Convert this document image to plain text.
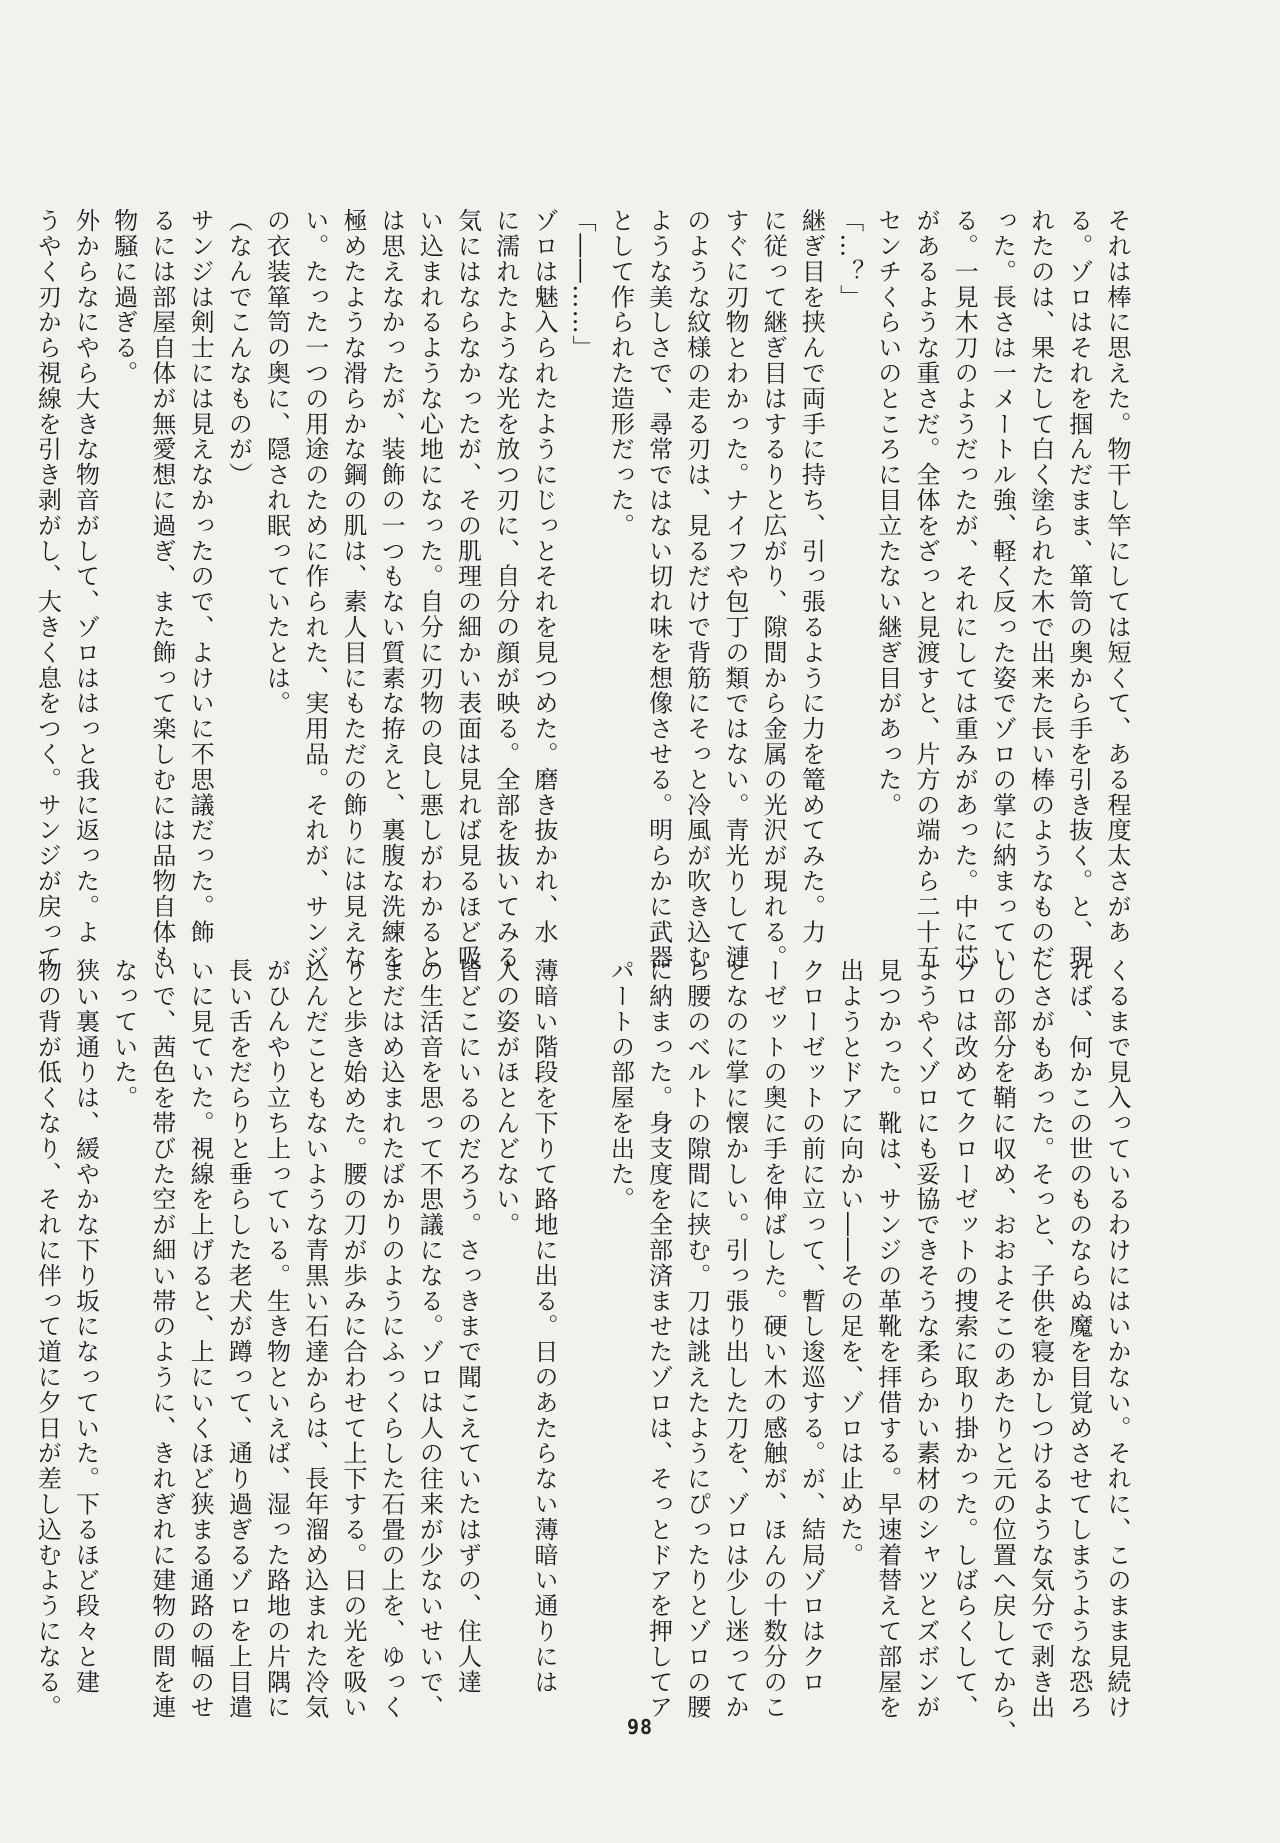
それは棒に思えた。物干し竿にしては短くて、ある程度太さがあ

る。ゾロはそれを掴んだまま、箪笥の奥から手を引き抜く。と、現

れたのは、果たして白く塗られた木で出来た長い棒のようなものだ

った。長さは一メートル強、軽く反った姿でゾロの掌に納まってい

る。一見木刀のようだったが、それにしては重みがあった。中に芯

があるような重さだ。全体をざっと見渡すと、片方の端から二十五

センチくらいのところに目立たない継ぎ目があった。

「…？」

継ぎ目を挟んで両手に持ち、引っ張るように力を篭めてみた。力

に従って継ぎ目はするりと広がり、隙間から金属の光沢が現れる。

すぐに刃物とわかった。ナイフや包丁の類ではない。青光りして漣

のような紋様の走る刃は、見るだけで背筋にそっと冷風が吹き込む

ような美しさで、尋常ではない切れ味を想像させる。明らかに武器

として作られた造形だった。

「――……」

ゾロは魅入られたようにじっとそれを見つめた。磨き抜かれ、水

に濡れたような光を放つ刃に、自分の顔が映る。全部を抜いてみる

気にはならなかったが、その肌理の細かい表面は見れば見るほど吸

い込まれるような心地になった。自分に刃物の良し悪しがわかると

は思えなかったが、装飾の一つもない質素な拵えと、裏腹な洗練を

極めたような滑らかな鋼の肌は、素人目にもただの飾りには見えな

い。たった一つの用途のために作られた、実用品。それが、サンジ

の衣装箪笥の奥に、隠され眠っていたとは。

（なんでこんなものが）

サンジは剣士には見えなかったので、よけいに不思議だった。飾

るには部屋自体が無愛想に過ぎ、また飾って楽しむには品物自体も

物騒に過ぎる。

外からなにやら大きな物音がして、ゾロははっと我に返った。よ

うやく刃から視線を引き剥がし、大きく息をつく。サンジが戻って

くるまで見入っているわけにはいかない。それに、このまま見続け

れば、何かこの世のものならぬ魔を目覚めさせてしまうような恐ろ

しさがもあった。そっと、子供を寝かしつけるような気分で剥き出

しの部分を鞘に収め、おおよそこのあたりと元の位置へ戻してから、

ゾロは改めてクローゼットの捜索に取り掛かった。しばらくして、

ようやくゾロにも妥協できそうな柔らかい素材のシャツとズボンが

見つかった。靴は、サンジの革靴を拝借する。早速着替えて部屋を

出ようとドアに向かい――その足を、ゾロは止めた。

クローゼットの前に立って、暫し逡巡する。が、結局ゾロはクロ

ーゼットの奥に手を伸ばした。硬い木の感触が、ほんの十数分のこ

となのに掌に懐かしい。引っ張り出した刀を、ゾロは少し迷ってか

ら腰のベルトの隙間に挟む。刀は誂えたようにぴったりとゾロの腰

に納まった。身支度を全部済ませたゾロは、そっとドアを押してア

パートの部屋を出た。

薄暗い階段を下りて路地に出る。日のあたらない薄暗い通りには

人の姿がほとんどない。

皆どこにいるのだろう。さっきまで聞こえていたはずの、住人達

の生活音を思って不思議になる。ゾロは人の往来が少ないせいで、

まだはめ込まれたばかりのようにふっくらした石畳の上を、ゆっく

りと歩き始めた。腰の刀が歩みに合わせて上下する。日の光を吸い

込んだこともないような青黒い石達からは、長年溜め込まれた冷気

がひんやり立ち上っている。生き物といえば、湿った路地の片隅に

長い舌をだらりと垂らした老犬が蹲って、通り過ぎるゾロを上目遣

いに見ていた。視線を上げると、上にいくほど狭まる通路の幅のせ

いで、茜色を帯びた空が細い帯のように、きれぎれに建物の間を連

なっていた。

狭い裏通りは、緩やかな下り坂になっていた。下るほど段々と建

物の背が低くなり、それに伴って道に夕日が差し込むようになる。

98
